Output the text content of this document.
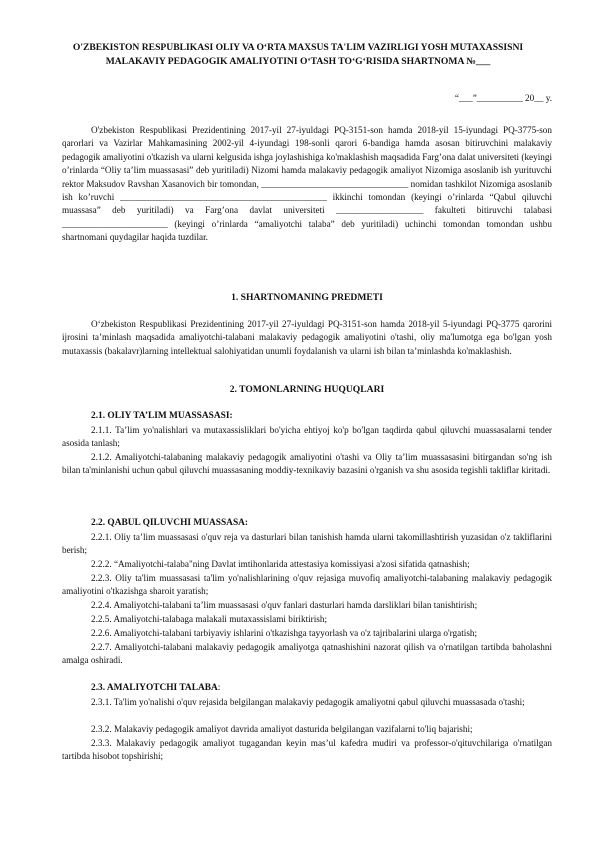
O'ZBEKISTON RESPUBLIKASI OLIY VA O‘RTA MAXSUS TA'LIM VAZIRLIGI YOSH MUTAXASSISNI MALAKAVIY PEDAGOGIK AMALIYOTINI O‘TASH TO‘G‘RISIDA SHARTNOMA №___
“___”__________ 20__ y.

O'zbekiston Respublikasi Prezidentining 2017-yil 27-iyuldagi PQ-3151-son hamda 2018-yil 15-iyundagi PQ-3775-son qarorlari va Vazirlar Mahkamasining 2002-yil 4-iyundagi 198-sonli qarori 6-bandiga hamda asosan bitiruvchini malakaviy pedagogik amaliyotini o'tkazish va ularni kelgusida ishga joylashishiga ko'maklashish maqsadida Farg’ona dalat universiteti (keyingi o’rinlarda “Oliy ta’lim muassasasi” deb yuritiladi) Nizomi hamda malakaviy pedagogik amaliyot Nizomiga asoslanib ish yurituvchi rektor Maksudov Ravshan Xasanovich bir tomondan, ________________________________ nomidan tashkilot Nizomiga asoslanib ish ko’ruvchi _____________________________________________ ikkinchi tomondan (keyingi o’rinlarda “Qabul qiluvchi muassasa” deb yuritiladi) va Farg’ona davlat universiteti ___________________ fakulteti bitiruvchi talabasi _______________________ (keyingi o’rinlarda “amaliyotchi talaba” deb yuritiladi) uchinchi tomondan tomondan ushbu shartnomani quydagilar haqida tuzdilar.

1. SHARTNOMANING PREDMETI

O‘zbekiston Respublikasi Prezidentining 2017-yil 27-iyuldagi PQ-3151-son hamda 2018-yil 5-iyundagi PQ-3775 qarorini ijrosini ta’minlash maqsadida amaliyotchi-talabani malakaviy pedagogik amaliyotini o'tashi, oliy ma'lumotga ega bo'lgan yosh mutaxassis (bakalavr)larning intellektual salohiyatidan unumli foydalanish va ularni ish bilan ta’minlashda ko'maklashish.

2. TOMONLARNING HUQUQLARI
2.1. OLIY TA’LIM MUASSASASI:

2.1.1. Ta’lim yo'nalishlari va mutaxassisliklari bo'yicha ehtiyoj ko'p bo'lgan taqdirda qabul qiluvchi muassasalarni tender asosida tanlash;

2.1.2. Amaliyotchi-talabaning malakaviy pedagogik amaliyotini o'tashi va Oliy ta’lim muassasasini bitirgandan so'ng ish bilan ta'minlanishi uchun qabul qiluvchi muassasaning moddiy-texnikaviy bazasini o'rganish va shu asosida tegishli takliflar kiritadi.

2.2. QABUL QILUVCHI MUASSASA:

2.2.1. Oliy ta’lim muassasasi o'quv reja va dasturlari bilan tanishish hamda ularni takomillashtirish yuzasidan o'z takliflarini berish;

2.2.2. “Amaliyotchi-talaba"ning Davlat imtihonlarida attestasiya komissiyasi a'zosi sifatida qatnashish;

2.2.3. Oliy ta'lim muassasasi ta'lim yo'nalishlarining o'quv rejasiga muvofiq amaliyotchi-talabaning malakaviy pedagogik amaliyotini o'tkazishga sharoit yaratish;

2.2.4. Amaliyotchi-talabani ta’lim muassasasi o'quv fanlari dasturlari hamda darsliklari bilan tanishtirish;

2.2.5. Amaliyotchi-talabaga malakali mutaxassislami biriktirish;

2.2.6. Amaliyotchi-talabani tarbiyaviy ishlarini o'tkazishga tayyorlash va o'z tajribalarini ularga o'rgatish;

2.2.7. Amaliyotchi-talabani malakaviy pedagogik amaliyotga qatnashishini nazorat qilish va o'rnatilgan tartibda baholashni amalga oshiradi.

2.3. AMALIYOTCHI TALABA:

2.3.1. Ta'lim yo'nalishi o'quv rejasida belgilangan malakaviy pedagogik amaliyotni qabul qiluvchi muassasada o'tashi;

2.3.2. Malakaviy pedagogik amaliyot davrida amaliyot dasturida belgilangan vazifalarni to'liq bajarishi;

2.3.3. Malakaviy pedagogik amaliyot tugagandan keyin mas’ul kafedra mudiri va professor-o'qituvchilariga o'rnatilgan tartibda hisobot topshirishi;
